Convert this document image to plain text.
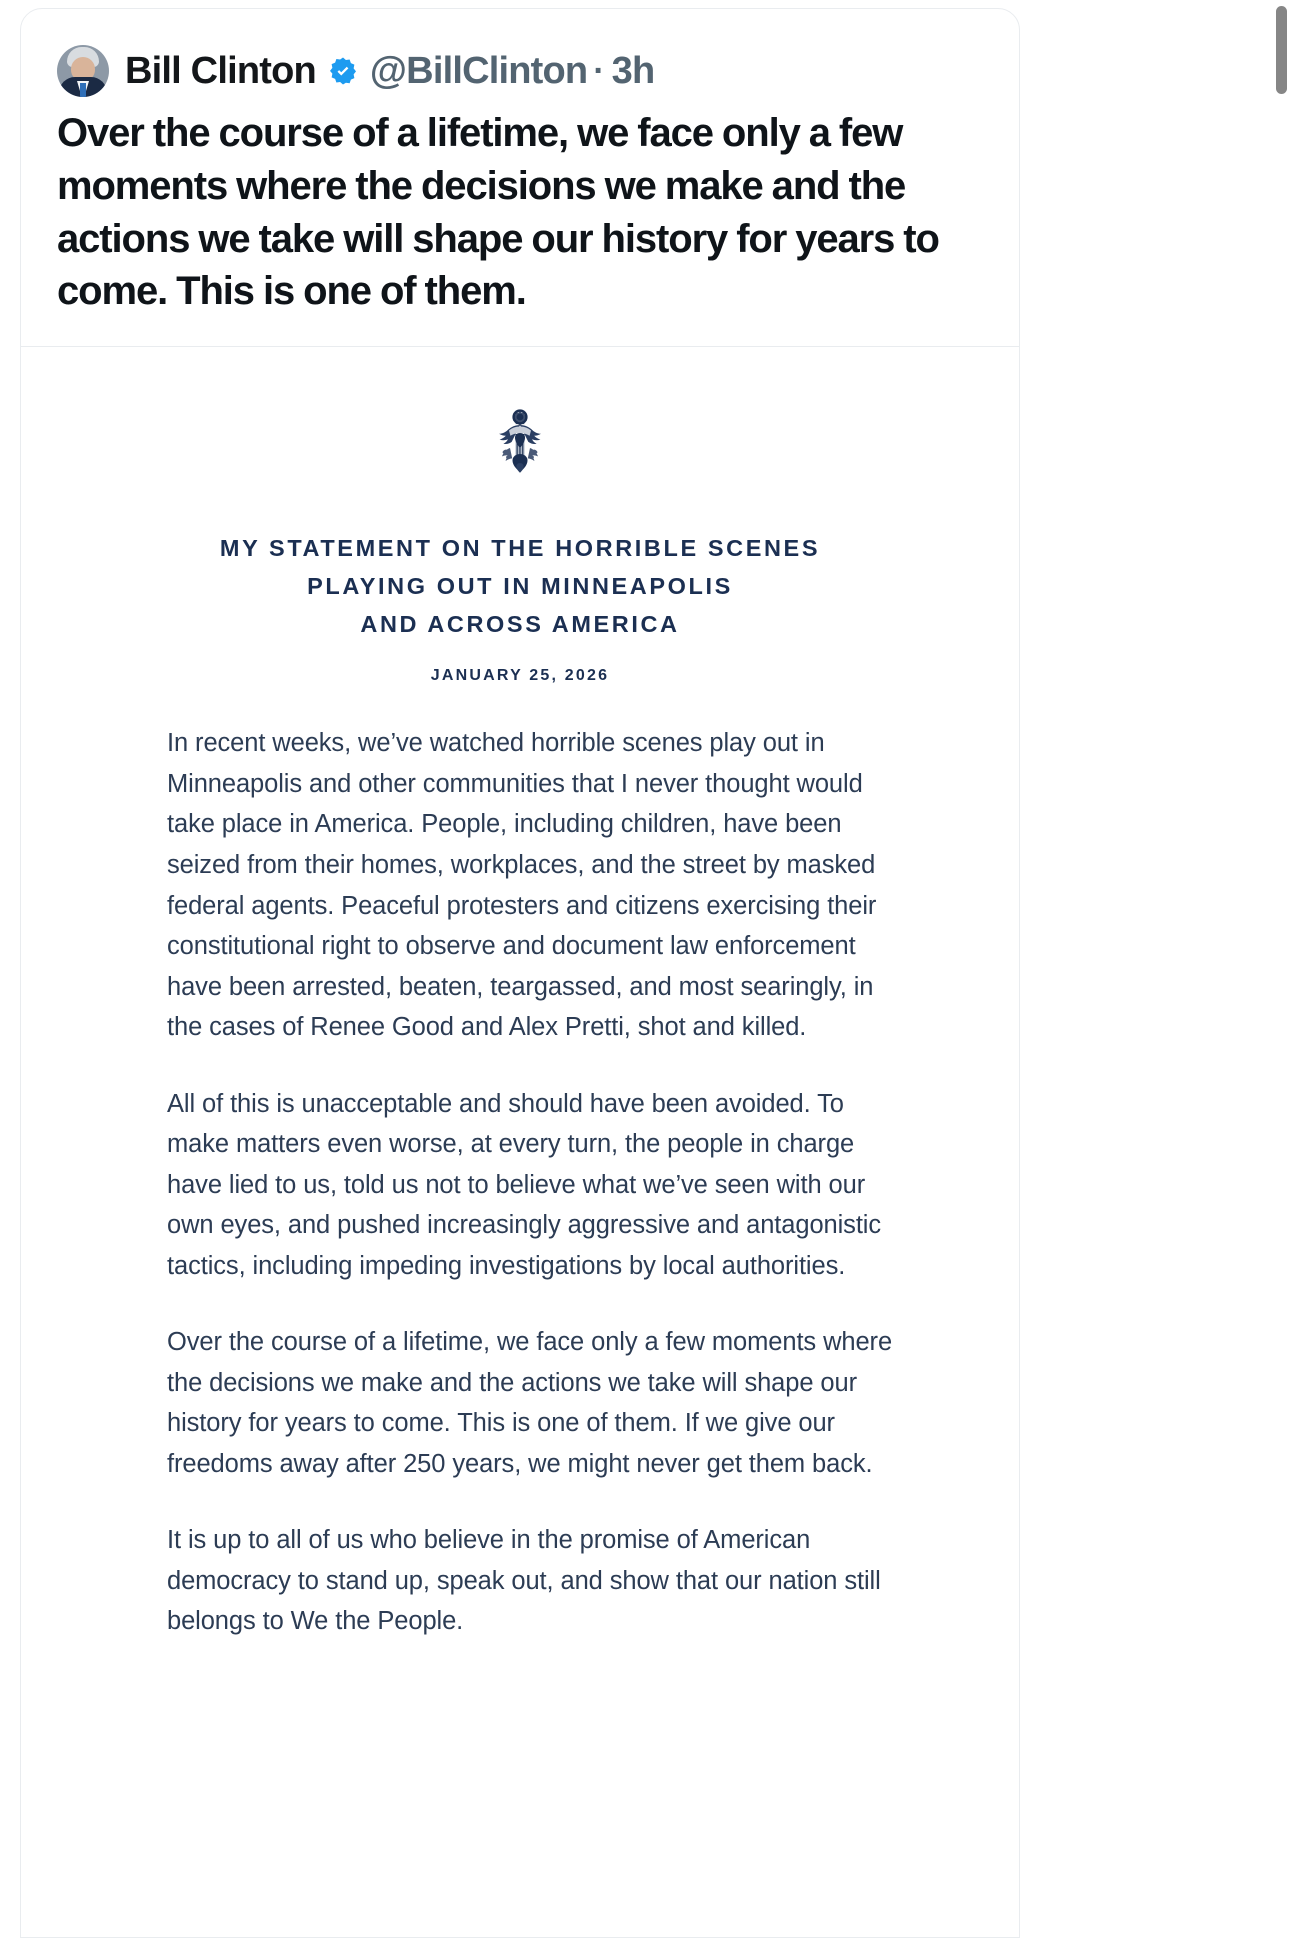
Bill Clinton @BillClinton · 3h
Over the course of a lifetime, we face only a few moments where the decisions we make and the actions we take will shape our history for years to come. This is one of them.
MY STATEMENT ON THE HORRIBLE SCENES
PLAYING OUT IN MINNEAPOLIS
AND ACROSS AMERICA
JANUARY 25, 2026

In recent weeks, we’ve watched horrible scenes play out in Minneapolis and other communities that I never thought would take place in America. People, including children, have been seized from their homes, workplaces, and the street by masked federal agents. Peaceful protesters and citizens exercising their constitutional right to observe and document law enforcement have been arrested, beaten, teargassed, and most searingly, in the cases of Renee Good and Alex Pretti, shot and killed.

All of this is unacceptable and should have been avoided. To make matters even worse, at every turn, the people in charge have lied to us, told us not to believe what we’ve seen with our own eyes, and pushed increasingly aggressive and antagonistic tactics, including impeding investigations by local authorities.

Over the course of a lifetime, we face only a few moments where the decisions we make and the actions we take will shape our history for years to come. This is one of them. If we give our freedoms away after 250 years, we might never get them back.

It is up to all of us who believe in the promise of American democracy to stand up, speak out, and show that our nation still belongs to We the People.
